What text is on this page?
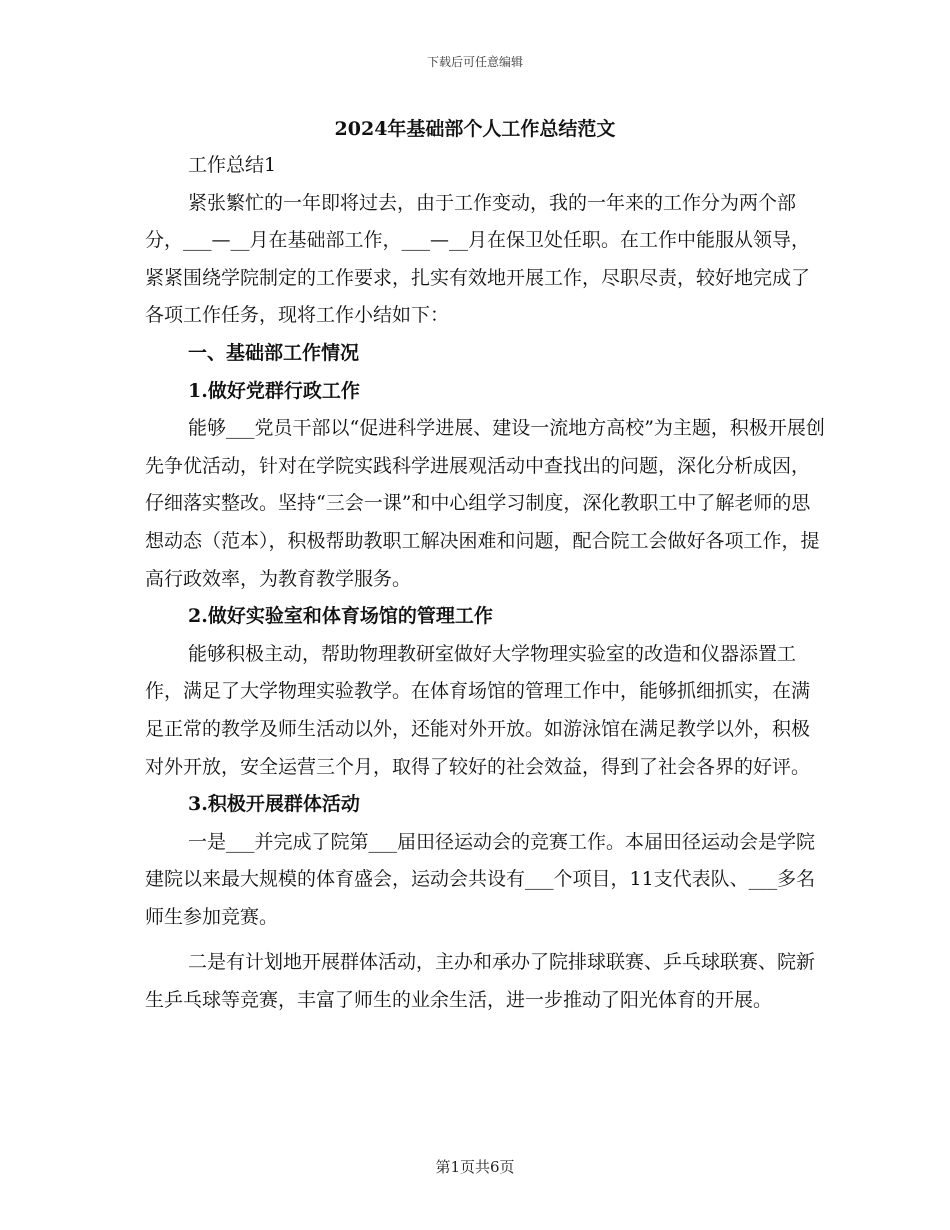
下载后可任意编辑
2024年基础部个人工作总结范文

工作总结1

紧张繁忙的一年即将过去，由于工作变动，我的一年来的工作分为两个部分，___—__月在基础部工作，___—__月在保卫处任职。在工作中能服从领导，紧紧围绕学院制定的工作要求，扎实有效地开展工作，尽职尽责，较好地完成了各项工作任务，现将工作小结如下：

一、基础部工作情况

1.做好党群行政工作

能够___党员干部以“促进科学进展、建设一流地方高校”为主题，积极开展创先争优活动，针对在学院实践科学进展观活动中查找出的问题，深化分析成因，仔细落实整改。坚持“三会一课”和中心组学习制度，深化教职工中了解老师的思想动态（范本），积极帮助教职工解决困难和问题，配合院工会做好各项工作，提高行政效率，为教育教学服务。

2.做好实验室和体育场馆的管理工作

能够积极主动，帮助物理教研室做好大学物理实验室的改造和仪器添置工作，满足了大学物理实验教学。在体育场馆的管理工作中，能够抓细抓实，在满足正常的教学及师生活动以外，还能对外开放。如游泳馆在满足教学以外，积极对外开放，安全运营三个月，取得了较好的社会效益，得到了社会各界的好评。

3.积极开展群体活动

一是___并完成了院第___届田径运动会的竞赛工作。本届田径运动会是学院建院以来最大规模的体育盛会，运动会共设有___个项目，11支代表队、___多名师生参加竞赛。

二是有计划地开展群体活动，主办和承办了院排球联赛、乒乓球联赛、院新生乒乓球等竞赛，丰富了师生的业余生活，进一步推动了阳光体育的开展。

第1页共6页
